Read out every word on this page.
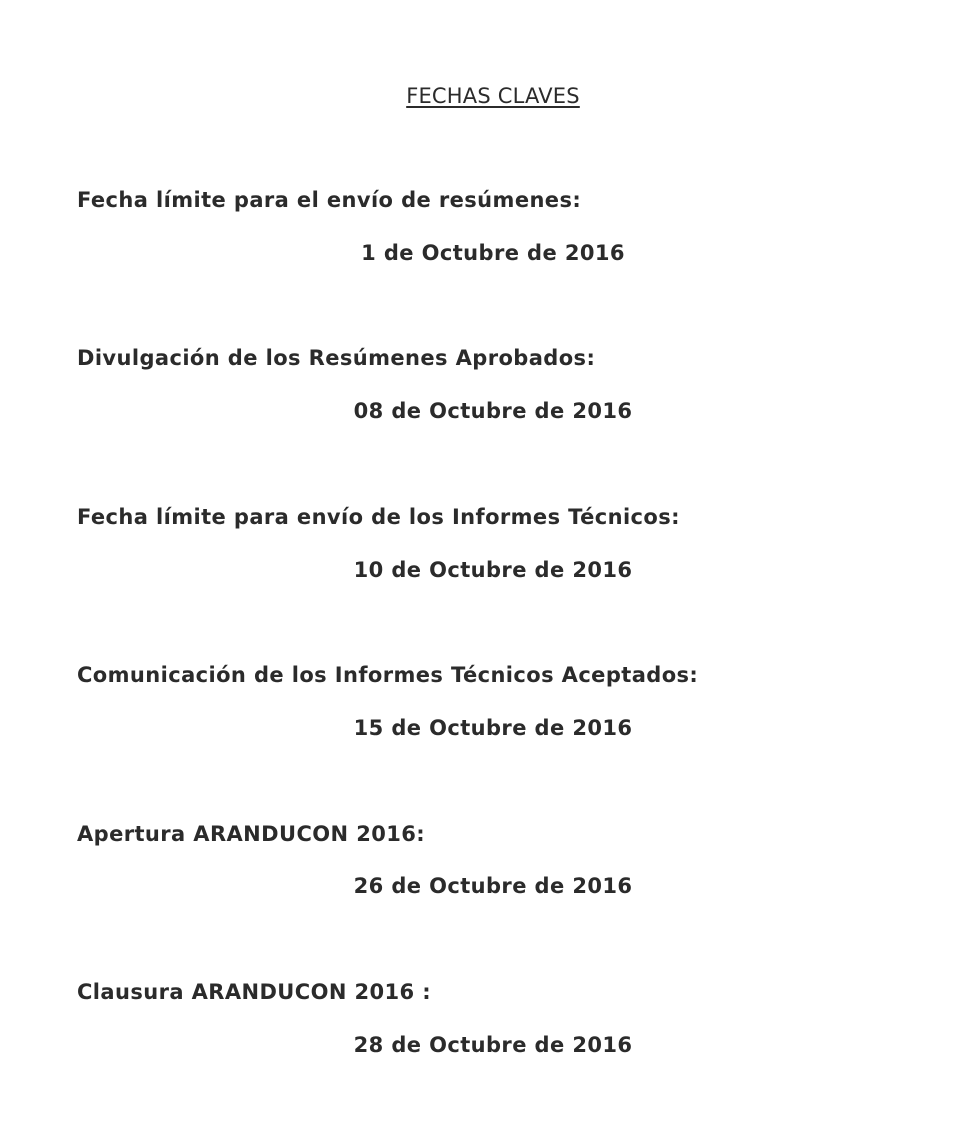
FECHAS CLAVES
Fecha límite para el envío de resúmenes:
1 de Octubre de 2016
Divulgación de los Resúmenes Aprobados:
08 de Octubre de 2016
Fecha límite para envío de los Informes Técnicos:
10 de Octubre de 2016
Comunicación de los Informes Técnicos Aceptados:
15 de Octubre de 2016
Apertura ARANDUCON 2016:
26 de Octubre de 2016
Clausura ARANDUCON 2016 :
28 de Octubre de 2016
